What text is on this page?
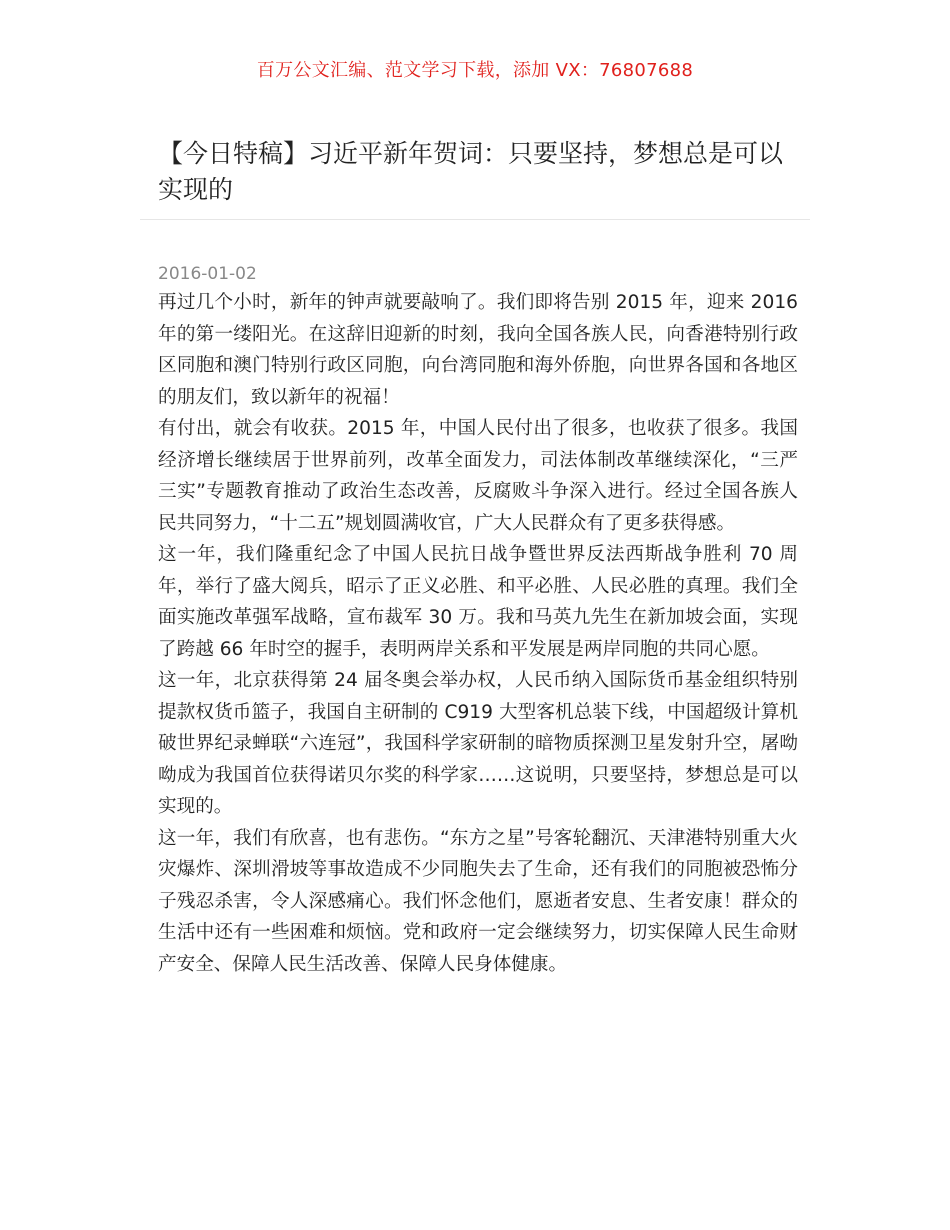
百万公文汇编、范文学习下载，添加 VX：76807688
【今日特稿】习近平新年贺词：只要坚持，梦想总是可以实现的
2016-01-02

再过几个小时，新年的钟声就要敲响了。我们即将告别 2015 年，迎来 2016 年的第一缕阳光。在这辞旧迎新的时刻，我向全国各族人民，向香港特别行政区同胞和澳门特别行政区同胞，向台湾同胞和海外侨胞，向世界各国和各地区的朋友们，致以新年的祝福！

有付出，就会有收获。2015 年，中国人民付出了很多，也收获了很多。我国经济增长继续居于世界前列，改革全面发力，司法体制改革继续深化，“三严三实”专题教育推动了政治生态改善，反腐败斗争深入进行。经过全国各族人民共同努力，“十二五”规划圆满收官，广大人民群众有了更多获得感。

这一年，我们隆重纪念了中国人民抗日战争暨世界反法西斯战争胜利 70 周年，举行了盛大阅兵，昭示了正义必胜、和平必胜、人民必胜的真理。我们全面实施改革强军战略，宣布裁军 30 万。我和马英九先生在新加坡会面，实现了跨越 66 年时空的握手，表明两岸关系和平发展是两岸同胞的共同心愿。

这一年，北京获得第 24 届冬奥会举办权，人民币纳入国际货币基金组织特别提款权货币篮子，我国自主研制的 C919 大型客机总装下线，中国超级计算机破世界纪录蝉联“六连冠”，我国科学家研制的暗物质探测卫星发射升空，屠呦呦成为我国首位获得诺贝尔奖的科学家……这说明，只要坚持，梦想总是可以实现的。

这一年，我们有欣喜，也有悲伤。“东方之星”号客轮翻沉、天津港特别重大火灾爆炸、深圳滑坡等事故造成不少同胞失去了生命，还有我们的同胞被恐怖分子残忍杀害，令人深感痛心。我们怀念他们，愿逝者安息、生者安康！群众的生活中还有一些困难和烦恼。党和政府一定会继续努力，切实保障人民生命财产安全、保障人民生活改善、保障人民身体健康。
